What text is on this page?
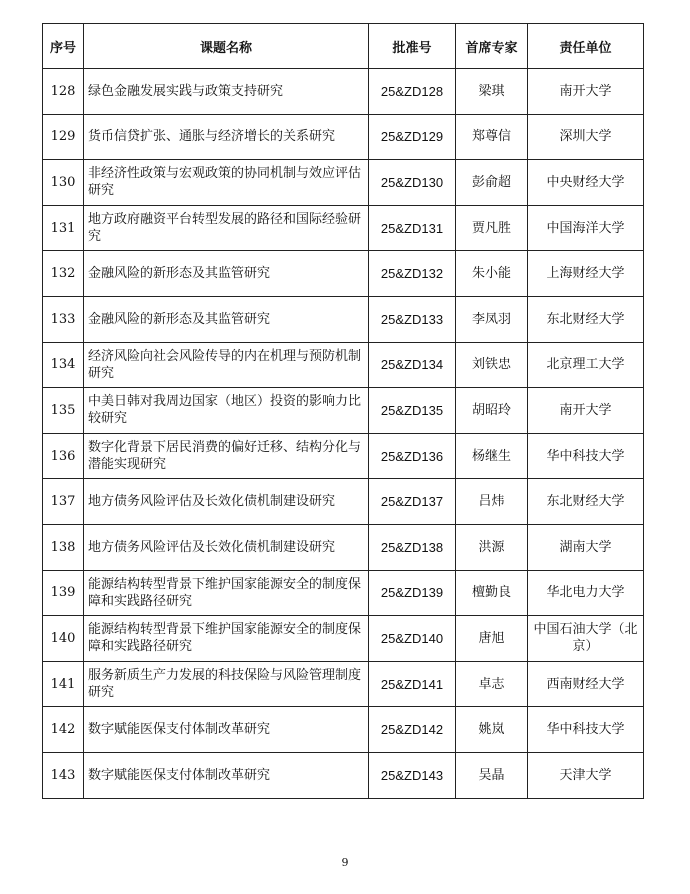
序号	课题名称	批准号	首席专家	责任单位
128	绿色金融发展实践与政策支持研究	25&ZD128	梁琪	南开大学
129	货币信贷扩张、通胀与经济增长的关系研究	25&ZD129	郑尊信	深圳大学
130	非经济性政策与宏观政策的协同机制与效应评估研究	25&ZD130	彭俞超	中央财经大学
131	地方政府融资平台转型发展的路径和国际经验研究	25&ZD131	贾凡胜	中国海洋大学
132	金融风险的新形态及其监管研究	25&ZD132	朱小能	上海财经大学
133	金融风险的新形态及其监管研究	25&ZD133	李凤羽	东北财经大学
134	经济风险向社会风险传导的内在机理与预防机制研究	25&ZD134	刘铁忠	北京理工大学
135	中美日韩对我周边国家（地区）投资的影响力比较研究	25&ZD135	胡昭玲	南开大学
136	数字化背景下居民消费的偏好迁移、结构分化与潜能实现研究	25&ZD136	杨继生	华中科技大学
137	地方债务风险评估及长效化债机制建设研究	25&ZD137	吕炜	东北财经大学
138	地方债务风险评估及长效化债机制建设研究	25&ZD138	洪源	湖南大学
139	能源结构转型背景下维护国家能源安全的制度保障和实践路径研究	25&ZD139	檀勤良	华北电力大学
140	能源结构转型背景下维护国家能源安全的制度保障和实践路径研究	25&ZD140	唐旭	中国石油大学（北京）
141	服务新质生产力发展的科技保险与风险管理制度研究	25&ZD141	卓志	西南财经大学
142	数字赋能医保支付体制改革研究	25&ZD142	姚岚	华中科技大学
143	数字赋能医保支付体制改革研究	25&ZD143	吴晶	天津大学
9
